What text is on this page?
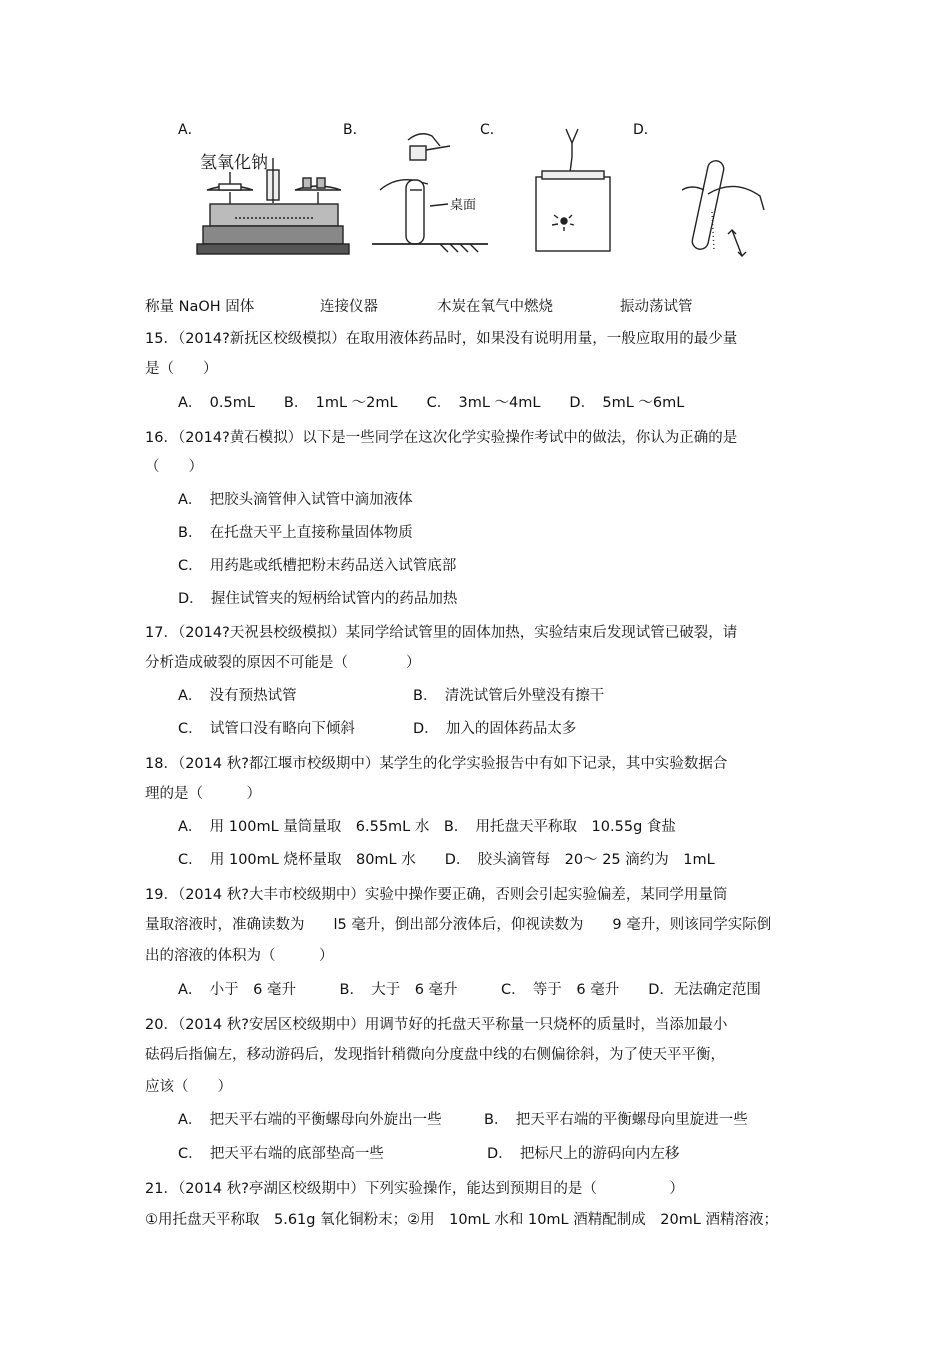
A．	B．	C．	D．
氢氧化钠
桌面
称量 NaOH 固体	连接仪器	木炭在氧气中燃烧	振动荡试管
15．（2014?新抚区校级模拟）在取用液体药品时，如果没有说明用量，一般应取用的最少量
是（　　）
A．　0.5mL　　B．　1mL ～2mL　　C．　3mL ～4mL　　D．　5mL ～6mL
16．（2014?黄石模拟）以下是一些同学在这次化学实验操作考试中的做法，你认为正确的是
（　　）
A．　把胶头滴管伸入试管中滴加液体
B．　在托盘天平上直接称量固体物质
C．　用药匙或纸槽把粉末药品送入试管底部
D．　握住试管夹的短柄给试管内的药品加热
17．（2014?天祝县校级模拟）某同学给试管里的固体加热，实验结束后发现试管已破裂，请
分析造成破裂的原因不可能是（　　　　）
A．　没有预热试管	B．　清洗试管后外壁没有擦干
C．　试管口没有略向下倾斜	D．　加入的固体药品太多
18．（2014 秋?都江堰市校级期中）某学生的化学实验报告中有如下记录，其中实验数据合
理的是（　　　）
A．　用 100mL 量筒量取　6.55mL 水　B．　用托盘天平称取　10.55g 食盐
C．　用 100mL 烧杯量取　80mL 水　　D．　胶头滴管每　20～ 25 滴约为　1mL
19．（2014 秋?大丰市校级期中）实验中操作要正确，否则会引起实验偏差，某同学用量筒
量取溶液时，准确读数为　　l5 毫升，倒出部分液体后，仰视读数为　　9 毫升，则该同学实际倒
出的溶液的体积为（　　　）
A．　小于　6 毫升　　　B．　大于　6 毫升　　　C．　等于　6 毫升　　D．无法确定范围
20．（2014 秋?安居区校级期中）用调节好的托盘天平称量一只烧杯的质量时，当添加最小
砝码后指偏左，移动游码后，发现指针稍微向分度盘中线的右侧偏徐斜，为了使天平平衡，
应该（　　）
A．　把天平右端的平衡螺母向外旋出一些	B．　把天平右端的平衡螺母向里旋进一些
C．　把天平右端的底部垫高一些	D．　把标尺上的游码向内左移
21．（2014 秋?亭湖区校级期中）下列实验操作，能达到预期目的是（　　　　　）
①用托盘天平称取　5.61g 氧化铜粉末；②用　10mL 水和 10mL 酒精配制成　20mL 酒精溶液；
